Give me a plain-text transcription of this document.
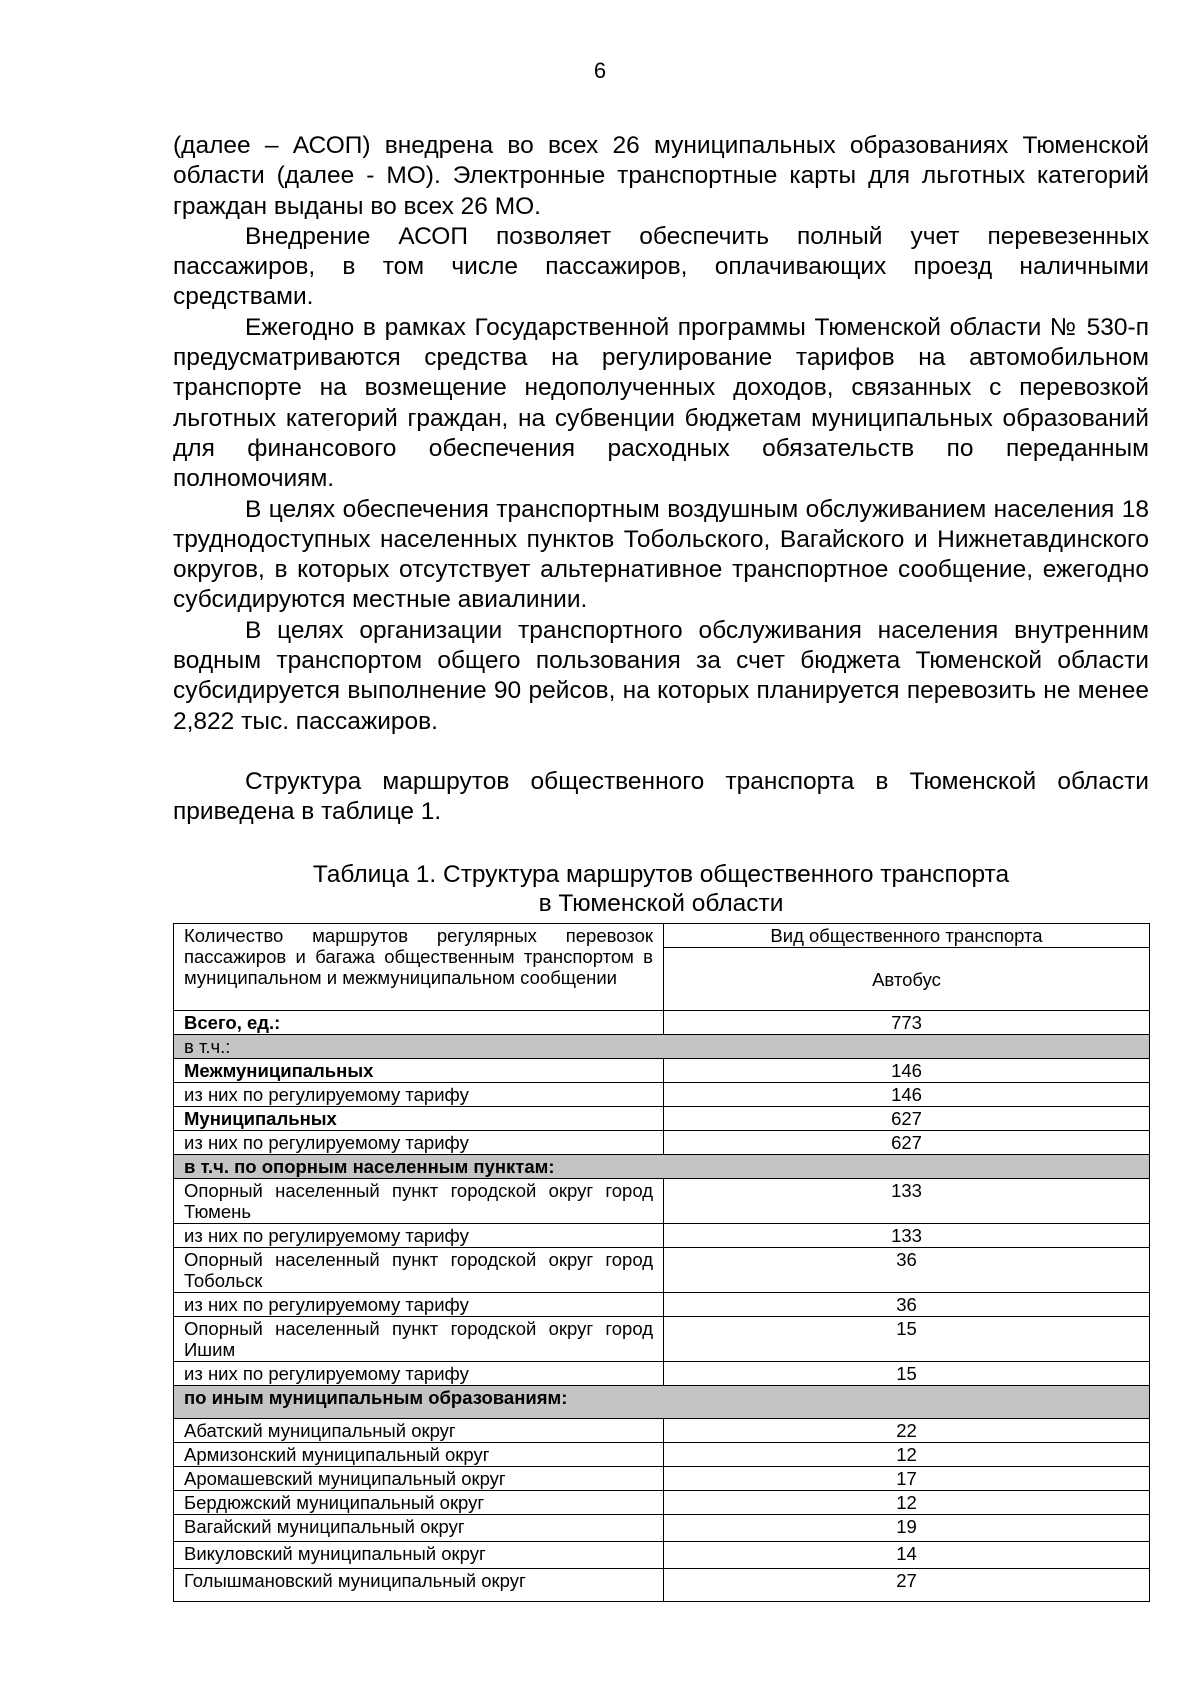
6

(далее – АСОП) внедрена во всех 26 муниципальных образованиях Тюменской области (далее - МО). Электронные транспортные карты для льготных категорий граждан выданы во всех 26 МО.

Внедрение АСОП позволяет обеспечить полный учет перевезенных пассажиров, в том числе пассажиров, оплачивающих проезд наличными средствами.

Ежегодно в рамках Государственной программы Тюменской области № 530-п предусматриваются средства на регулирование тарифов на автомобильном транспорте на возмещение недополученных доходов, связанных с перевозкой льготных категорий граждан, на субвенции бюджетам муниципальных образований для финансового обеспечения расходных обязательств по переданным полномочиям.

В целях обеспечения транспортным воздушным обслуживанием населения 18 труднодоступных населенных пунктов Тобольского, Вагайского и Нижнетавдинского округов, в которых отсутствует альтернативное транспортное сообщение, ежегодно субсидируются местные авиалинии.

В целях организации транспортного обслуживания населения внутренним водным транспортом общего пользования за счет бюджета Тюменской области субсидируется выполнение 90 рейсов, на которых планируется перевозить не менее 2,822 тыс. пассажиров.

Структура маршрутов общественного транспорта в Тюменской области приведена в таблице 1.

Таблица 1. Структура маршрутов общественного транспорта
в Тюменской области
Количество маршрутов регулярных перевозок пассажиров и багажа общественным транспортом в муниципальном и межмуниципальном сообщении	Вид общественного транспорта
	Автобус
Всего, ед.:	773
в т.ч.:	
Межмуниципальных	146
из них по регулируемому тарифу	146
Муниципальных	627
из них по регулируемому тарифу	627
в т.ч. по опорным населенным пунктам:	
Опорный населенный пункт городской округ город Тюмень	133
из них по регулируемому тарифу	133
Опорный населенный пункт городской округ город Тобольск	36
из них по регулируемому тарифу	36
Опорный населенный пункт городской округ город Ишим	15
из них по регулируемому тарифу	15
по иным муниципальным образованиям:	
Абатский муниципальный округ	22
Армизонский муниципальный округ	12
Аромашевский муниципальный округ	17
Бердюжский муниципальный округ	12
Вагайский муниципальный округ	19
Викуловский муниципальный округ	14
Голышмановский муниципальный округ	27
